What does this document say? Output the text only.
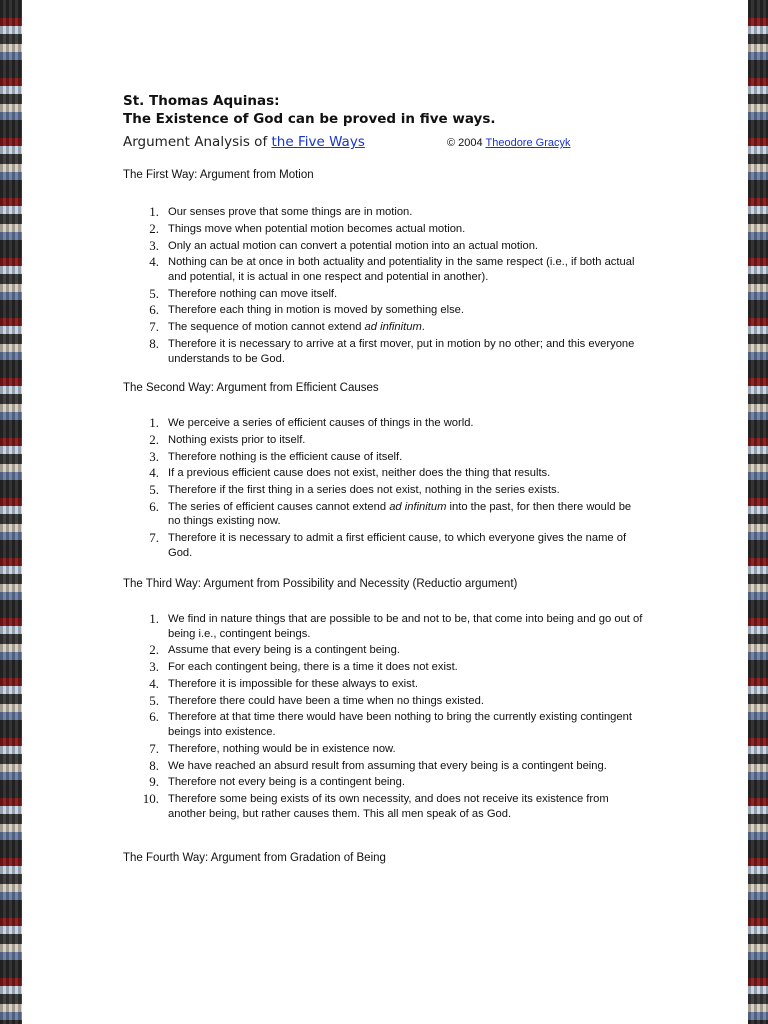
St. Thomas Aquinas:
The Existence of God can be proved in five ways.
Argument Analysis of the Five Ways	© 2004 Theodore Gracyk
The First Way: Argument from Motion
1. Our senses prove that some things are in motion.
2. Things move when potential motion becomes actual motion.
3. Only an actual motion can convert a potential motion into an actual motion.
4. Nothing can be at once in both actuality and potentiality in the same respect (i.e., if both actual and potential, it is actual in one respect and potential in another).
5. Therefore nothing can move itself.
6. Therefore each thing in motion is moved by something else.
7. The sequence of motion cannot extend ad infinitum.
8. Therefore it is necessary to arrive at a first mover, put in motion by no other; and this everyone understands to be God.
The Second Way: Argument from Efficient Causes
1. We perceive a series of efficient causes of things in the world.
2. Nothing exists prior to itself.
3. Therefore nothing is the efficient cause of itself.
4. If a previous efficient cause does not exist, neither does the thing that results.
5. Therefore if the first thing in a series does not exist, nothing in the series exists.
6. The series of efficient causes cannot extend ad infinitum into the past, for then there would be no things existing now.
7. Therefore it is necessary to admit a first efficient cause, to which everyone gives the name of God.
The Third Way: Argument from Possibility and Necessity (Reductio argument)
1. We find in nature things that are possible to be and not to be, that come into being and go out of being i.e., contingent beings.
2. Assume that every being is a contingent being.
3. For each contingent being, there is a time it does not exist.
4. Therefore it is impossible for these always to exist.
5. Therefore there could have been a time when no things existed.
6. Therefore at that time there would have been nothing to bring the currently existing contingent beings into existence.
7. Therefore, nothing would be in existence now.
8. We have reached an absurd result from assuming that every being is a contingent being.
9. Therefore not every being is a contingent being.
10. Therefore some being exists of its own necessity, and does not receive its existence from another being, but rather causes them. This all men speak of as God.
The Fourth Way: Argument from Gradation of Being
